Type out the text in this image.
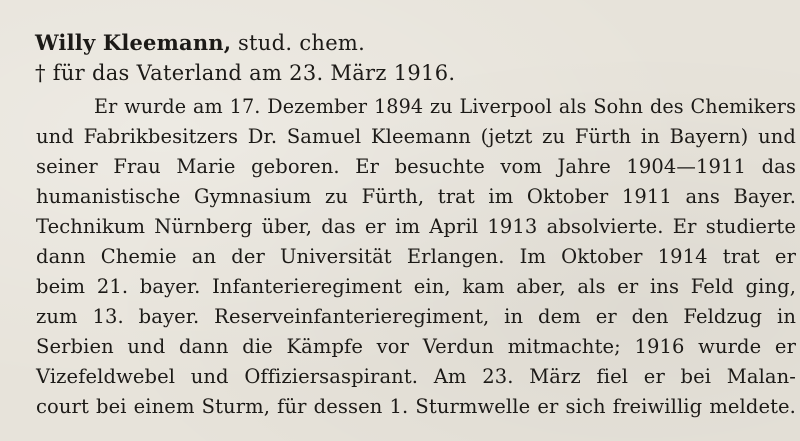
Willy Kleemann, stud. chem.
† für das Vaterland am 23. März 1916.
Er wurde am 17. Dezember 1894 zu Liverpool als Sohn des Chemikers
und Fabrikbesitzers Dr. Samuel Kleemann (jetzt zu Fürth in Bayern) und
seiner Frau Marie geboren. Er besuchte vom Jahre 1904—1911 das
humanistische Gymnasium zu Fürth, trat im Oktober 1911 ans Bayer.
Technikum Nürnberg über, das er im April 1913 absolvierte. Er studierte
dann Chemie an der Universität Erlangen. Im Oktober 1914 trat er
beim 21. bayer. Infanterieregiment ein, kam aber, als er ins Feld ging,
zum 13. bayer. Reserveinfanterieregiment, in dem er den Feldzug in
Serbien und dann die Kämpfe vor Verdun mitmachte; 1916 wurde er
Vizefeldwebel und Offiziersaspirant. Am 23. März fiel er bei Malan-
court bei einem Sturm, für dessen 1. Sturmwelle er sich freiwillig meldete.
